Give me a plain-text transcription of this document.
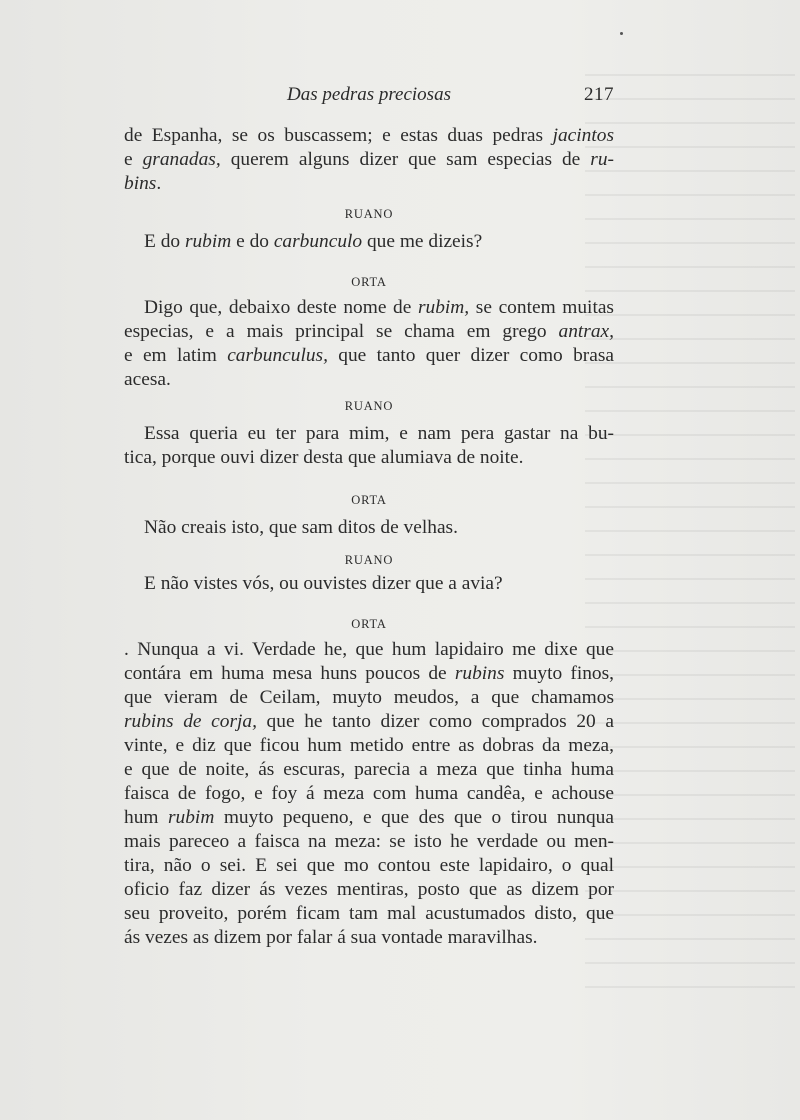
Das pedras preciosas	217

de Espanha, se os buscassem; e estas duas pedras jacintos

e granadas, querem alguns dizer que sam especias de ru-

bins.

RUANO

E do rubim e do carbunculo que me dizeis?

ORTA

Digo que, debaixo deste nome de rubim, se contem muitas

especias, e a mais principal se chama em grego antrax,

e em latim carbunculus, que tanto quer dizer como brasa

acesa.

RUANO

Essa queria eu ter para mim, e nam pera gastar na bu-

tica, porque ouvi dizer desta que alumiava de noite.

ORTA

Não creais isto, que sam ditos de velhas.

RUANO

E não vistes vós, ou ouvistes dizer que a avia?

ORTA

. Nunqua a vi. Verdade he, que hum lapidairo me dixe que

contára em huma mesa huns poucos de rubins muyto finos,

que vieram de Ceilam, muyto meudos, a que chamamos

rubins de corja, que he tanto dizer como comprados 20 a

vinte, e diz que ficou hum metido entre as dobras da meza,

e que de noite, ás escuras, parecia a meza que tinha huma

faisca de fogo, e foy á meza com huma candêa, e achouse

hum rubim muyto pequeno, e que des que o tirou nunqua

mais pareceo a faisca na meza: se isto he verdade ou men-

tira, não o sei. E sei que mo contou este lapidairo, o qual

oficio faz dizer ás vezes mentiras, posto que as dizem por

seu proveito, porém ficam tam mal acustumados disto, que

ás vezes as dizem por falar á sua vontade maravilhas.
